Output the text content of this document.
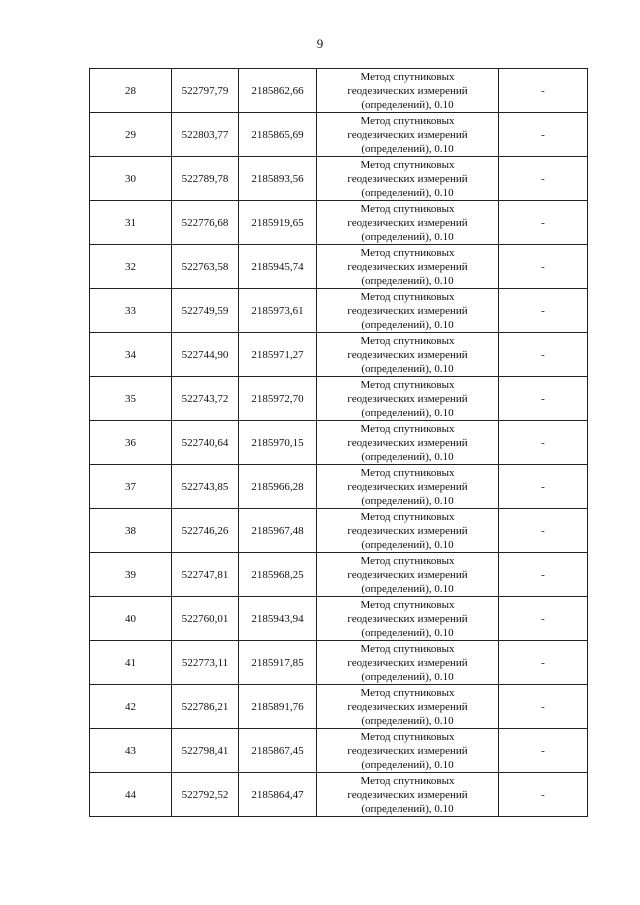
9
28	522797,79	2185862,66	Метод спутниковых
геодезических измерений
(определений), 0.10	-
29	522803,77	2185865,69	Метод спутниковых
геодезических измерений
(определений), 0.10	-
30	522789,78	2185893,56	Метод спутниковых
геодезических измерений
(определений), 0.10	-
31	522776,68	2185919,65	Метод спутниковых
геодезических измерений
(определений), 0.10	-
32	522763,58	2185945,74	Метод спутниковых
геодезических измерений
(определений), 0.10	-
33	522749,59	2185973,61	Метод спутниковых
геодезических измерений
(определений), 0.10	-
34	522744,90	2185971,27	Метод спутниковых
геодезических измерений
(определений), 0.10	-
35	522743,72	2185972,70	Метод спутниковых
геодезических измерений
(определений), 0.10	-
36	522740,64	2185970,15	Метод спутниковых
геодезических измерений
(определений), 0.10	-
37	522743,85	2185966,28	Метод спутниковых
геодезических измерений
(определений), 0.10	-
38	522746,26	2185967,48	Метод спутниковых
геодезических измерений
(определений), 0.10	-
39	522747,81	2185968,25	Метод спутниковых
геодезических измерений
(определений), 0.10	-
40	522760,01	2185943,94	Метод спутниковых
геодезических измерений
(определений), 0.10	-
41	522773,11	2185917,85	Метод спутниковых
геодезических измерений
(определений), 0.10	-
42	522786,21	2185891,76	Метод спутниковых
геодезических измерений
(определений), 0.10	-
43	522798,41	2185867,45	Метод спутниковых
геодезических измерений
(определений), 0.10	-
44	522792,52	2185864,47	Метод спутниковых
геодезических измерений
(определений), 0.10	-
